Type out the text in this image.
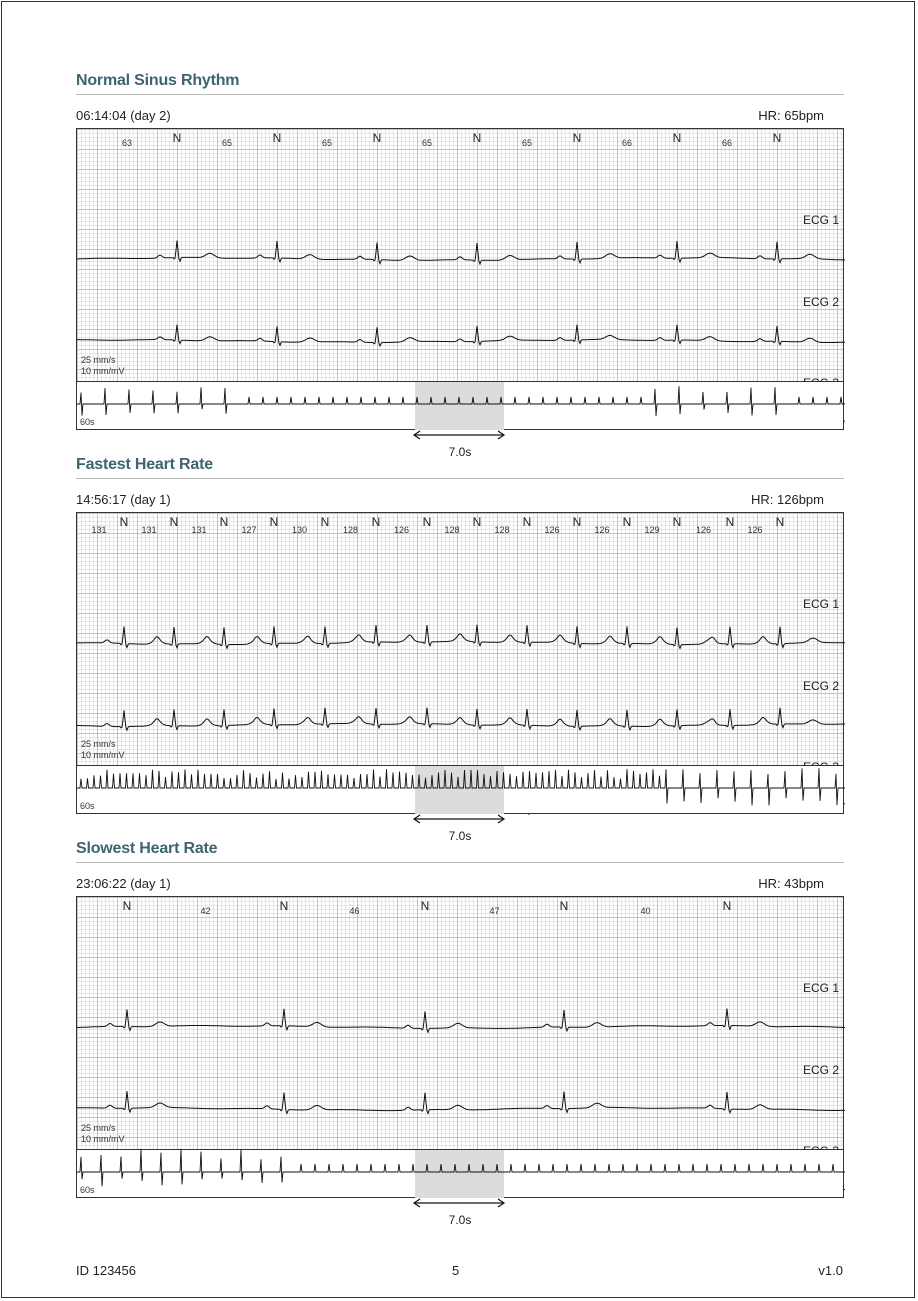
Normal Sinus Rhythm
06:14:04 (day 2)	HR: 65bpm
N	N	N	N	N	N	N
63	65	65	65	65	66	66
ECG 1
ECG 2
25 mm/s
10 mm/mV
60s
7.0s
Fastest Heart Rate
14:56:17 (day 1)	HR: 126bpm
N	N	N	N	N	N	N	N	N	N	N	N	N	N
131	131	131	127	130	128	126	128	128	126	126	129	126	126
ECG 1
ECG 2
25 mm/s
10 mm/mV
60s
7.0s
Slowest Heart Rate
23:06:22 (day 1)	HR: 43bpm
N	N	N	N	N
42	46	47	40
ECG 1
ECG 2
25 mm/s
10 mm/mV
60s
7.0s
ID 123456	5	v1.0
